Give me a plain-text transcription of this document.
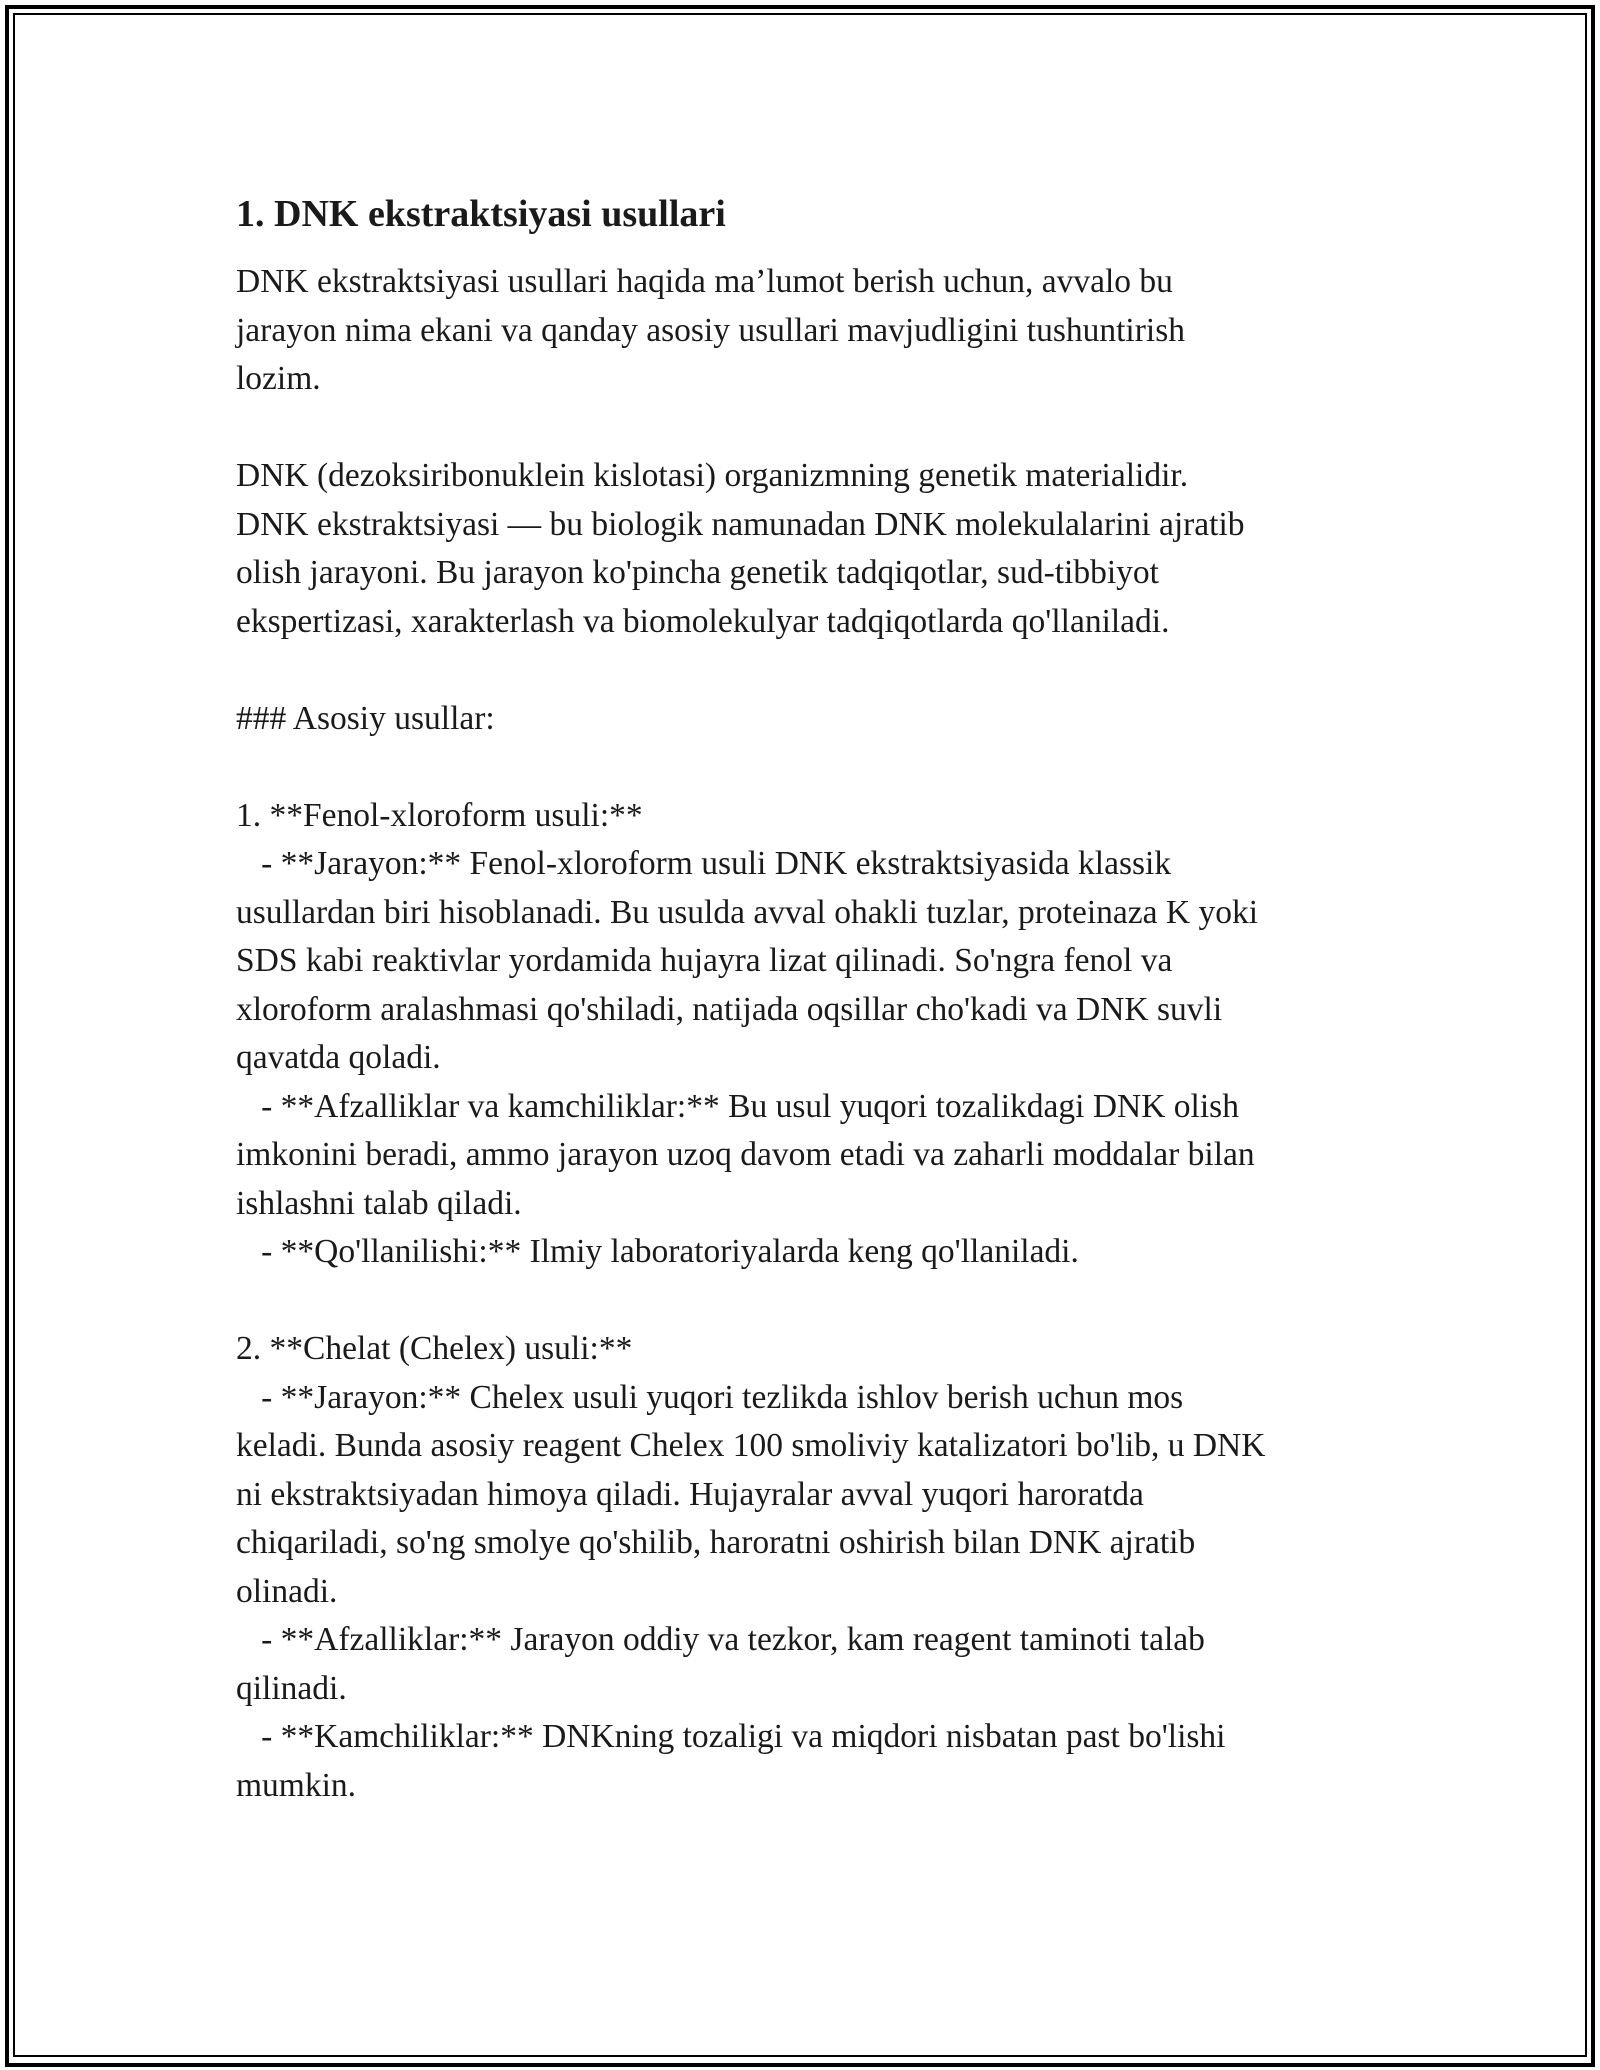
1. DNK ekstraktsiyasi usullari
DNK ekstraktsiyasi usullari haqida ma’lumot berish uchun, avvalo bu
jarayon nima ekani va qanday asosiy usullari mavjudligini tushuntirish
lozim.

DNK (dezoksiribonuklein kislotasi) organizmning genetik materialidir.
DNK ekstraktsiyasi — bu biologik namunadan DNK molekulalarini ajratib
olish jarayoni. Bu jarayon ko'pincha genetik tadqiqotlar, sud-tibbiyot
ekspertizasi, xarakterlash va biomolekulyar tadqiqotlarda qo'llaniladi.

### Asosiy usullar:

1. **Fenol-xloroform usuli:**
- **Jarayon:** Fenol-xloroform usuli DNK ekstraktsiyasida klassik
usullardan biri hisoblanadi. Bu usulda avval ohakli tuzlar, proteinaza K yoki
SDS kabi reaktivlar yordamida hujayra lizat qilinadi. So'ngra fenol va
xloroform aralashmasi qo'shiladi, natijada oqsillar cho'kadi va DNK suvli
qavatda qoladi.
- **Afzalliklar va kamchiliklar:** Bu usul yuqori tozalikdagi DNK olish
imkonini beradi, ammo jarayon uzoq davom etadi va zaharli moddalar bilan
ishlashni talab qiladi.
- **Qo'llanilishi:** Ilmiy laboratoriyalarda keng qo'llaniladi.

2. **Chelat (Chelex) usuli:**
- **Jarayon:** Chelex usuli yuqori tezlikda ishlov berish uchun mos
keladi. Bunda asosiy reagent Chelex 100 smoliviy katalizatori bo'lib, u DNK
ni ekstraktsiyadan himoya qiladi. Hujayralar avval yuqori haroratda
chiqariladi, so'ng smolye qo'shilib, haroratni oshirish bilan DNK ajratib
olinadi.
- **Afzalliklar:** Jarayon oddiy va tezkor, kam reagent taminoti talab
qilinadi.
- **Kamchiliklar:** DNKning tozaligi va miqdori nisbatan past bo'lishi
mumkin.
